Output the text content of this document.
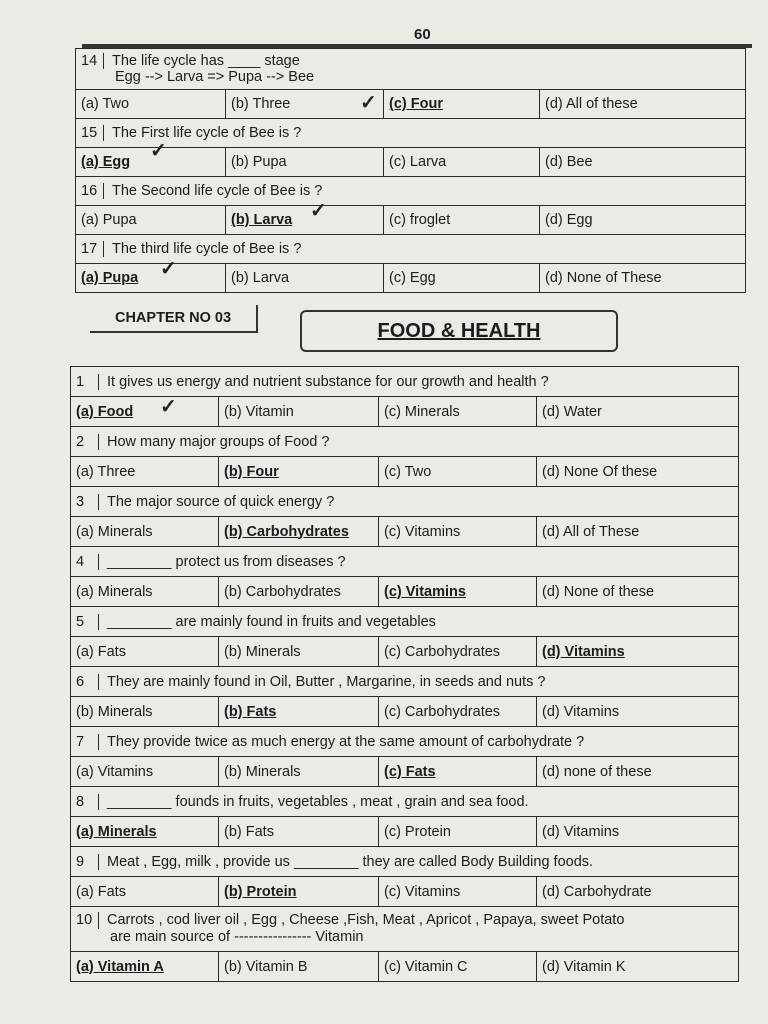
60
14 The life cycle has ____ stage
Egg --> Larva => Pupa --> Bee			
(a) Two	(b) Three	(c) Four	(d) All of these
15 The First life cycle of Bee is ?			
(a) Egg	(b) Pupa	(c) Larva	(d) Bee
16 The Second life cycle of Bee is ?			
(a) Pupa	(b) Larva	(c) froglet	(d) Egg
17 The third life cycle of Bee is ?			
(a) Pupa	(b) Larva	(c) Egg	(d) None of These
CHAPTER NO 03
FOOD & HEALTH
1 It gives us energy and nutrient substance for our growth and health ?			
(a) Food	(b) Vitamin	(c) Minerals	(d) Water
2 How many major groups of Food ?			
(a) Three	(b) Four	(c) Two	(d) None Of these
3 The major source of quick energy ?			
(a) Minerals	(b) Carbohydrates	(c) Vitamins	(d) All of These
4 ________ protect us from diseases ?			
(a) Minerals	(b) Carbohydrates	(c) Vitamins	(d) None of these
5 ________ are mainly found in fruits and vegetables			
(a) Fats	(b) Minerals	(c) Carbohydrates	(d) Vitamins
6 They are mainly found in Oil, Butter , Margarine, in seeds and nuts ?			
(b) Minerals	(b) Fats	(c) Carbohydrates	(d) Vitamins
7 They provide twice as much energy at the same amount of carbohydrate ?			
(a) Vitamins	(b) Minerals	(c) Fats	(d) none of these
8 ________ founds in fruits, vegetables , meat , grain and sea food.			
(a) Minerals	(b) Fats	(c) Protein	(d) Vitamins
9 Meat , Egg, milk , provide us ________ they are called Body Building foods.			
(a) Fats	(b) Protein	(c) Vitamins	(d) Carbohydrate
10 Carrots , cod liver oil , Egg , Cheese ,Fish, Meat , Apricot , Papaya, sweet Potato
are main source of ---------------- Vitamin			
(a) Vitamin A	(b) Vitamin B	(c) Vitamin C	(d) Vitamin K
✓
✓
✓
✓
✓
